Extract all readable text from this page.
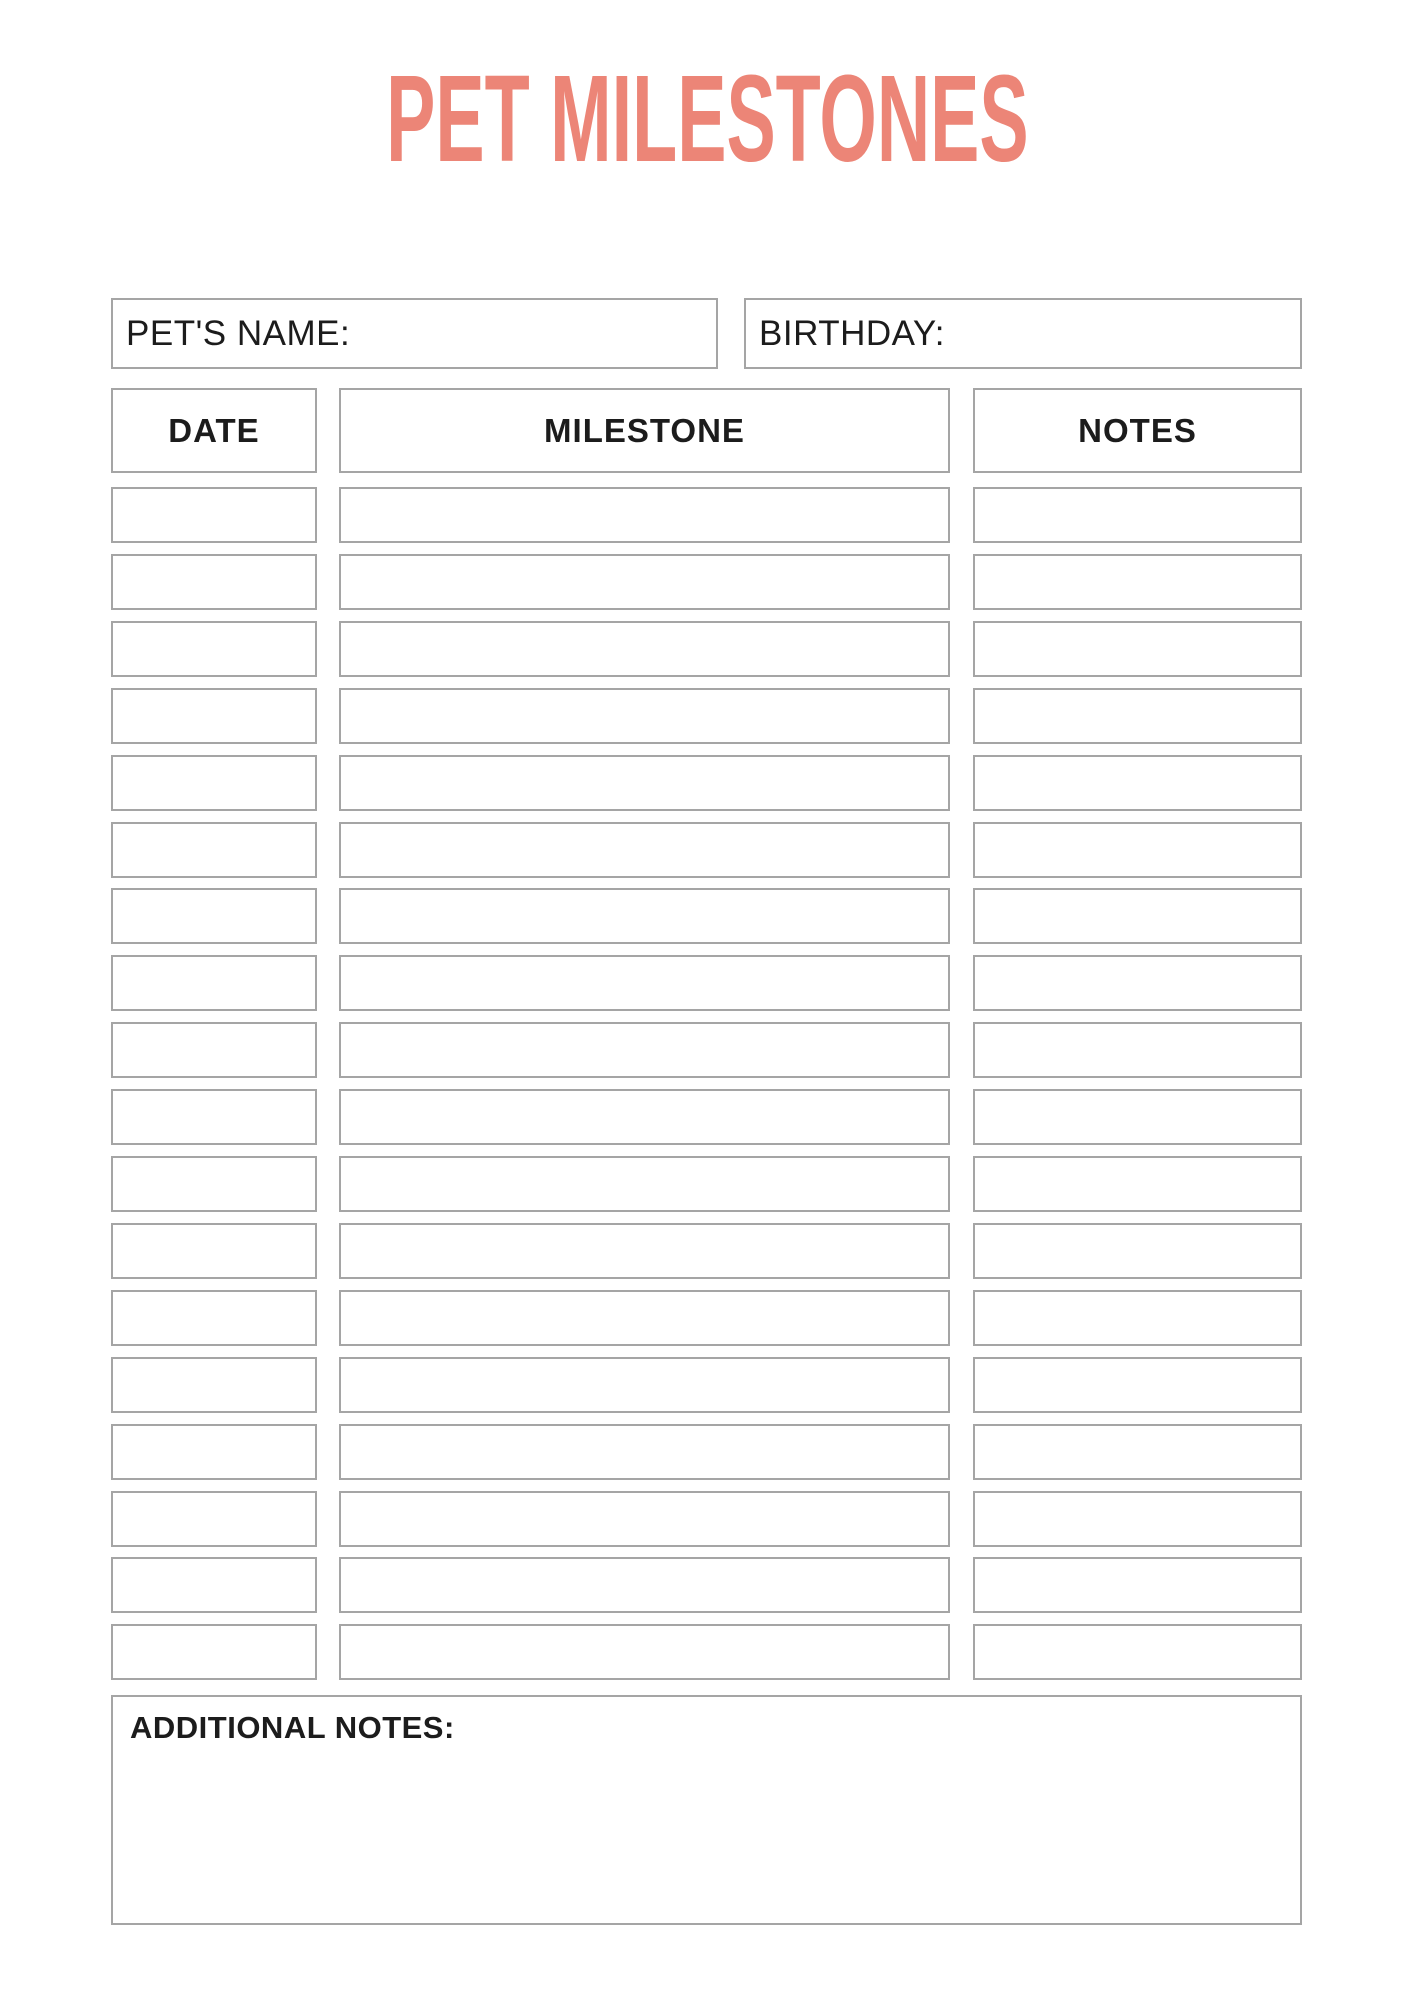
PET MILESTONES
PET'S NAME:	BIRTHDAY:
DATE	MILESTONE	NOTES
ADDITIONAL NOTES:
